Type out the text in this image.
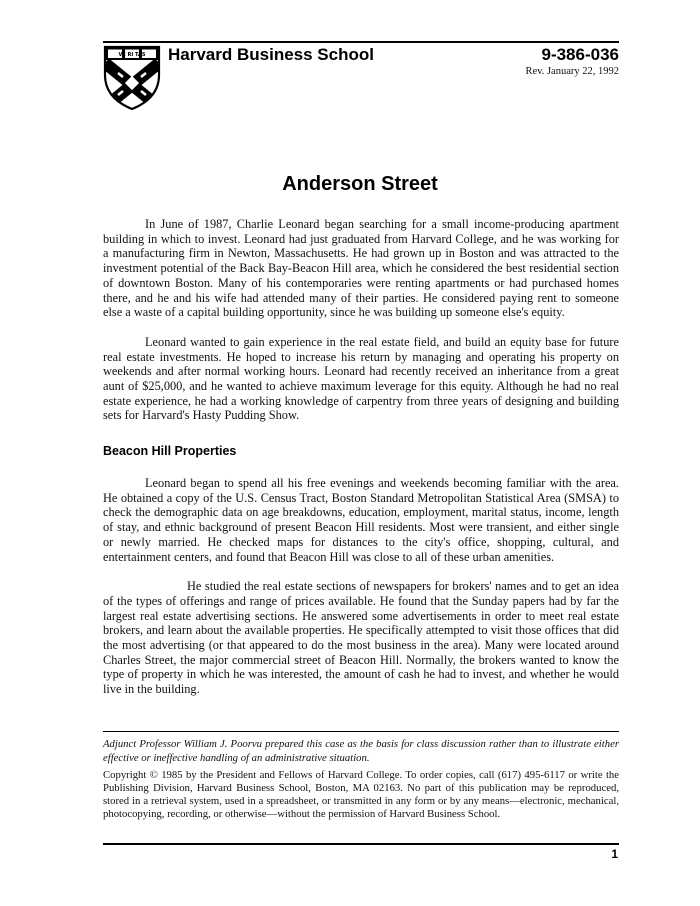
VE RI TAS Harvard Business School	9-386-036
Rev. January 22, 1992
Anderson Street

In June of 1987, Charlie Leonard began searching for a small income-producing apartment building in which to invest. Leonard had just graduated from Harvard College, and he was working for a manufacturing firm in Newton, Massachusetts. He had grown up in Boston and was attracted to the investment potential of the Back Bay-Beacon Hill area, which he considered the best residential section of downtown Boston. Many of his contemporaries were renting apartments or had purchased homes there, and he and his wife had attended many of their parties. He considered paying rent to someone else a waste of a capital building opportunity, since he was building up someone else's equity.

Leonard wanted to gain experience in the real estate field, and build an equity base for future real estate investments. He hoped to increase his return by managing and operating his property on weekends and after normal working hours. Leonard had recently received an inheritance from a great aunt of $25,000, and he wanted to achieve maximum leverage for this equity. Although he had no real estate experience, he had a working knowledge of carpentry from three years of designing and building sets for Harvard's Hasty Pudding Show.

Beacon Hill Properties

Leonard began to spend all his free evenings and weekends becoming familiar with the area. He obtained a copy of the U.S. Census Tract, Boston Standard Metropolitan Statistical Area (SMSA) to check the demographic data on age breakdowns, education, employment, marital status, income, length of stay, and ethnic background of present Beacon Hill residents. Most were transient, and either single or newly married. He checked maps for distances to the city's office, shopping, cultural, and entertainment centers, and found that Beacon Hill was close to all of these urban amenities.

He studied the real estate sections of newspapers for brokers' names and to get an idea of the types of offerings and range of prices available. He found that the Sunday papers had by far the largest real estate advertising sections. He answered some advertisements in order to meet real estate brokers, and learn about the available properties. He specifically attempted to visit those offices that did the most advertising (or that appeared to do the most business in the area). Many were located around Charles Street, the major commercial street of Beacon Hill. Normally, the brokers wanted to know the type of property in which he was interested, the amount of cash he had to invest, and whether he would live in the building.

Adjunct Professor William J. Poorvu prepared this case as the basis for class discussion rather than to illustrate either effective or ineffective handling of an administrative situation.

Copyright © 1985 by the President and Fellows of Harvard College. To order copies, call (617) 495-6117 or write the Publishing Division, Harvard Business School, Boston, MA 02163. No part of this publication may be reproduced, stored in a retrieval system, used in a spreadsheet, or transmitted in any form or by any means—electronic, mechanical, photocopying, recording, or otherwise—without the permission of Harvard Business School.

1
